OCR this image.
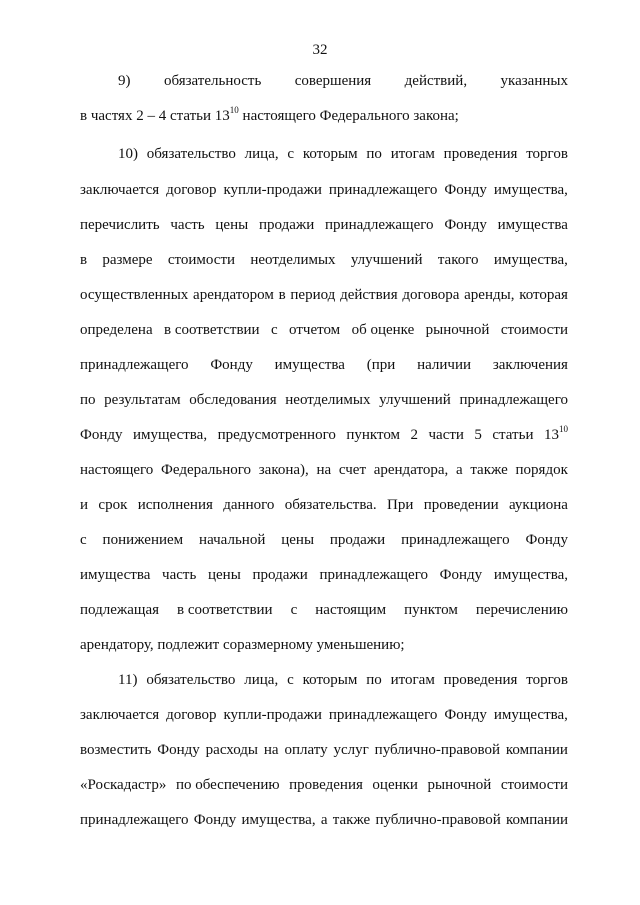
32
9) обязательность совершения действий, указанных
в частях 2 – 4 статьи $13^{10}$ настоящего Федерального закона;
10) обязательство лица, с которым по итогам проведения торгов
заключается договор купли-продажи принадлежащего Фонду имущества,
перечислить часть цены продажи принадлежащего Фонду имущества
в размере стоимости неотделимых улучшений такого имущества,
осуществленных арендатором в период действия договора аренды, которая
определена в соответствии с отчетом об оценке рыночной стоимости
принадлежащего Фонду имущества (при наличии заключения
по результатам обследования неотделимых улучшений принадлежащего
Фонду имущества, предусмотренного пунктом 2 части 5 статьи $13^{10}$
настоящего Федерального закона), на счет арендатора, а также порядок
и срок исполнения данного обязательства. При проведении аукциона
с понижением начальной цены продажи принадлежащего Фонду
имущества часть цены продажи принадлежащего Фонду имущества,
подлежащая в соответствии с настоящим пунктом перечислению
арендатору, подлежит соразмерному уменьшению;
11) обязательство лица, с которым по итогам проведения торгов
заключается договор купли-продажи принадлежащего Фонду имущества,
возместить Фонду расходы на оплату услуг публично-правовой компании
«Роскадастр» по обеспечению проведения оценки рыночной стоимости
принадлежащего Фонду имущества, а также публично-правовой компании
